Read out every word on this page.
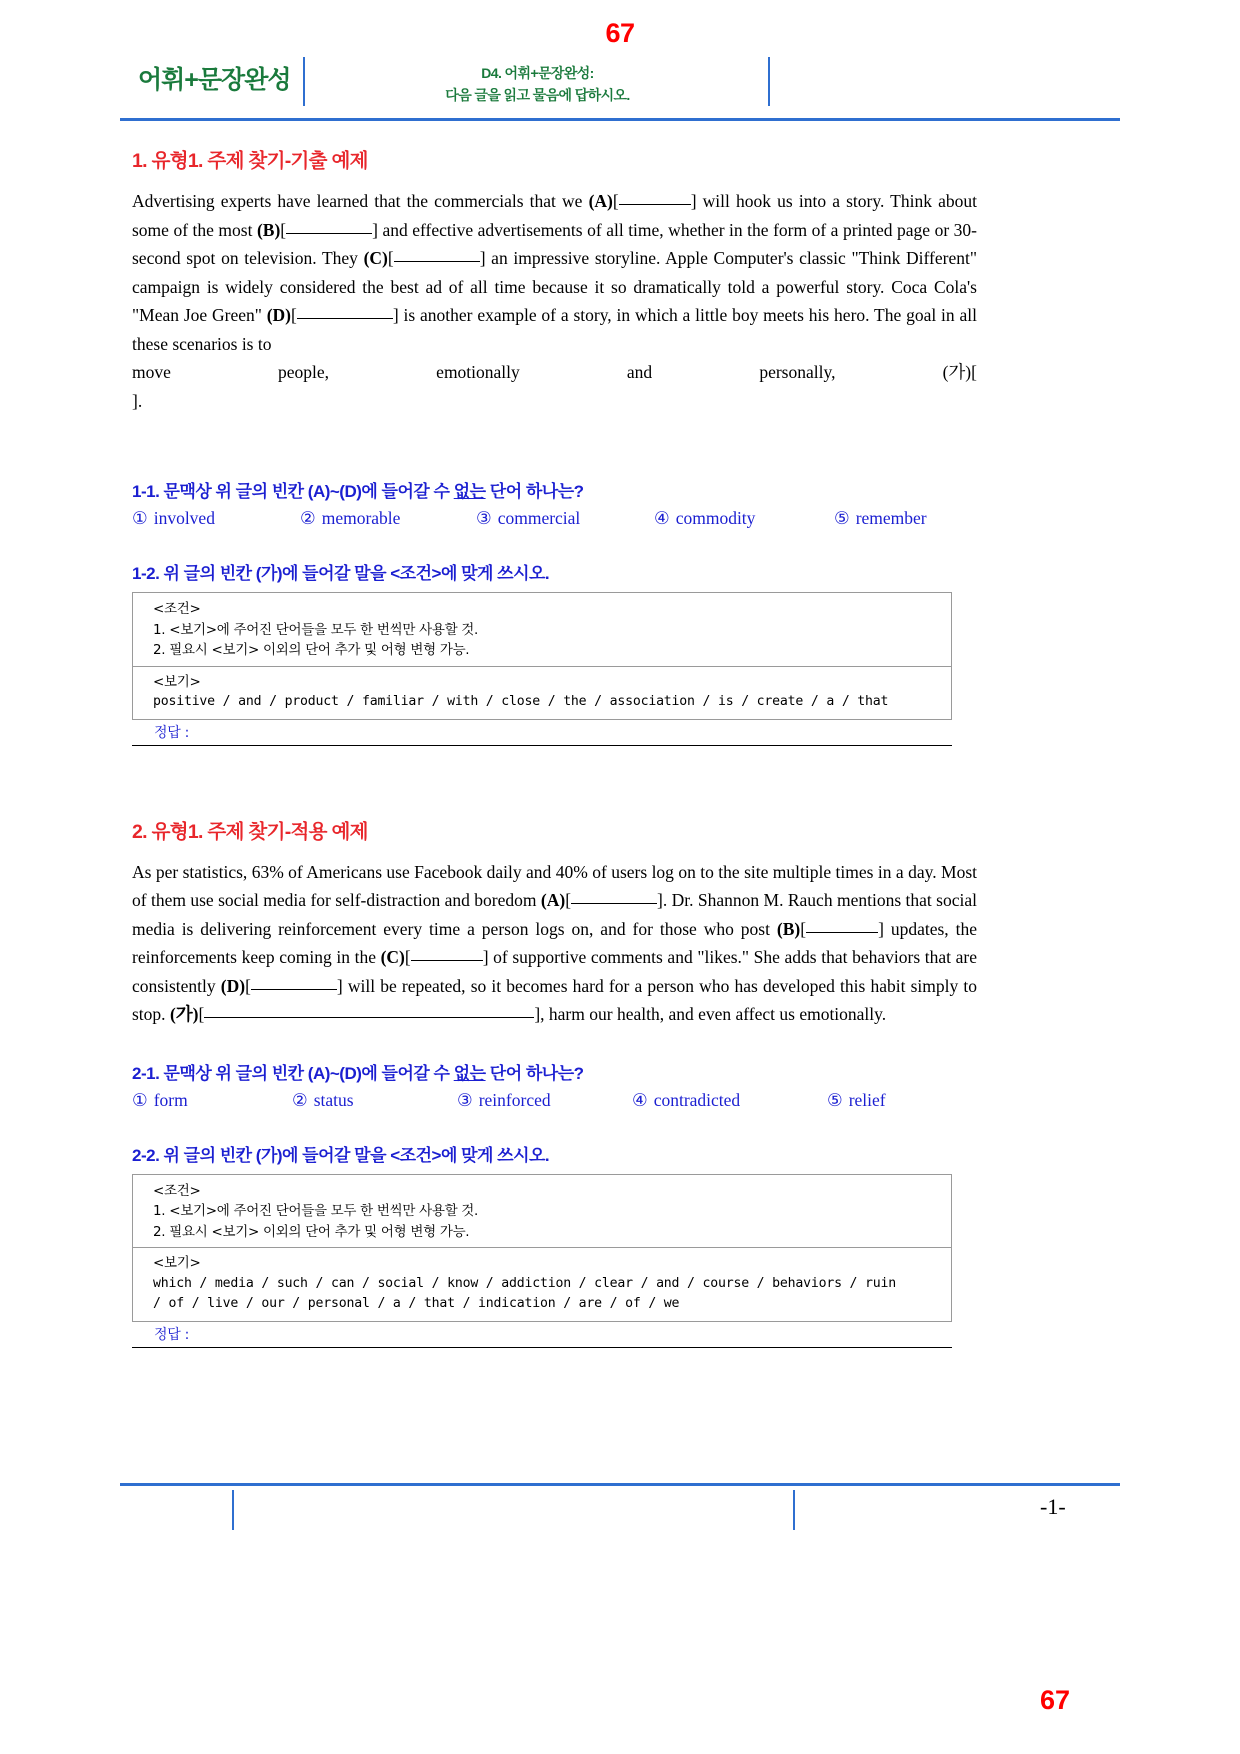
67
어휘+문장완성	D4. 어휘+문장완성:
다음 글을 읽고 물음에 답하시오.
1. 유형1. 주제 찾기-기출 예제
Advertising experts have learned that the commercials that we (A)[	] will hook us into a story. Think about some of the most (B)[	] and effective advertisements of all time, whether in the form of a printed page or 30-second spot on television. They (C)[	] an impressive storyline. Apple Computer's classic "Think Different" campaign is widely considered the best ad of all time because it so dramatically told a powerful story. Coca Cola's "Mean Joe Green" (D)[	] is another example of a story, in which a little boy meets his hero. The goal in all these scenarios is to
move	people,	emotionally	and	personally,	(가)[
].
1-1. 문맥상 위 글의 빈칸 (A)~(D)에 들어갈 수 없는 단어 하나는?
① involved	② memorable	③ commercial	④ commodity	⑤ remember
1-2. 위 글의 빈칸 (가)에 들어갈 말을 <조건>에 맞게 쓰시오.
<조건>
1. <보기>에 주어진 단어들을 모두 한 번씩만 사용할 것.
2. 필요시 <보기> 이외의 단어 추가 및 어형 변형 가능.
<보기>
positive / and / product / familiar / with / close / the / association / is / create / a / that
정답 :
2. 유형1. 주제 찾기-적용 예제
As per statistics, 63% of Americans use Facebook daily and 40% of users log on to the site multiple times in a day. Most of them use social media for self-distraction and boredom (A)[	]. Dr. Shannon M. Rauch mentions that social media is delivering reinforcement every time a person logs on, and for those who post (B)[	] updates, the reinforcements keep coming in the (C)[	] of supportive comments and "likes." She adds that behaviors that are consistently (D)[	] will be repeated, so it becomes hard for a person who has developed this habit simply to stop. (가)[	], harm our health, and even affect us emotionally.
2-1. 문맥상 위 글의 빈칸 (A)~(D)에 들어갈 수 없는 단어 하나는?
① form	② status	③ reinforced	④ contradicted	⑤ relief
2-2. 위 글의 빈칸 (가)에 들어갈 말을 <조건>에 맞게 쓰시오.
<조건>
1. <보기>에 주어진 단어들을 모두 한 번씩만 사용할 것.
2. 필요시 <보기> 이외의 단어 추가 및 어형 변형 가능.
<보기>
which / media / such / can / social / know / addiction / clear / and / course / behaviors / ruin
/ of / live / our / personal / a / that / indication / are / of / we
정답 :
-1-
67
